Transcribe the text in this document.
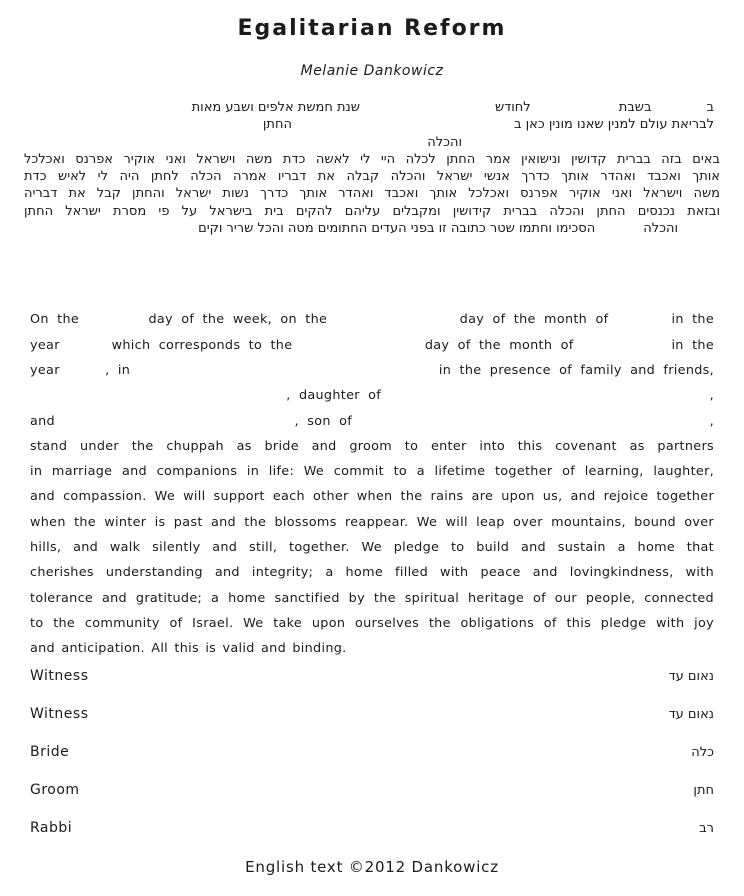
Egalitarian Reform
Melanie Dankowicz
ב
בשבת
לחודש
שנת חמשת אלפים ושבע מאות
לבריאת עולם למנין שאנו מונין כאן ב
החתן
והכלה
באים בזה בברית קדושין ונישואין אמר החתן לכלה היי לי לאשה כדת משה וישראל ואני אוקיר אפרנס ואכלכל
אותך ואכבד ואהדר אותך כדרך אנשי ישראל והכלה קבלה את דבריו אמרה הכלה לחתן היה לי לאיש כדת
משה וישראל ואני אוקיר אפרנס ואכלכל אותך ואכבד ואהדר אותך כדרך נשות ישראל והחתן קבל את דבריה
ובזאת נכנסים החתן והכלה בברית קידושין ומקבלים עליהם להקים בית בישראל על פי מסרת ישראל החתן
והכלה
הסכימו וחתמו שטר כתובה זו בפני העדים החתומים מטה והכל שריר וקים
On the	day of the week, on the	day of the month of	in the
year	which corresponds to the	day of the month of	in the
year	, in	in the presence of family and friends,
, daughter of	,
and	, son of	,
stand under the chuppah as bride and groom to enter into this covenant as partners
in marriage and companions in life: We commit to a lifetime together of learning, laughter,
and compassion. We will support each other when the rains are upon us, and rejoice together
when the winter is past and the blossoms reappear. We will leap over mountains, bound over
hills, and walk silently and still, together. We pledge to build and sustain a home that
cherishes understanding and integrity; a home filled with peace and lovingkindness, with
tolerance and gratitude; a home sanctified by the spiritual heritage of our people, connected
to the community of Israel. We take upon ourselves the obligations of this pledge with joy
and anticipation. All this is valid and binding.
Witness	נאום עד
Witness	נאום עד
Bride	כלה
Groom	חתן
Rabbi	רב
English text ©2012 Dankowicz
